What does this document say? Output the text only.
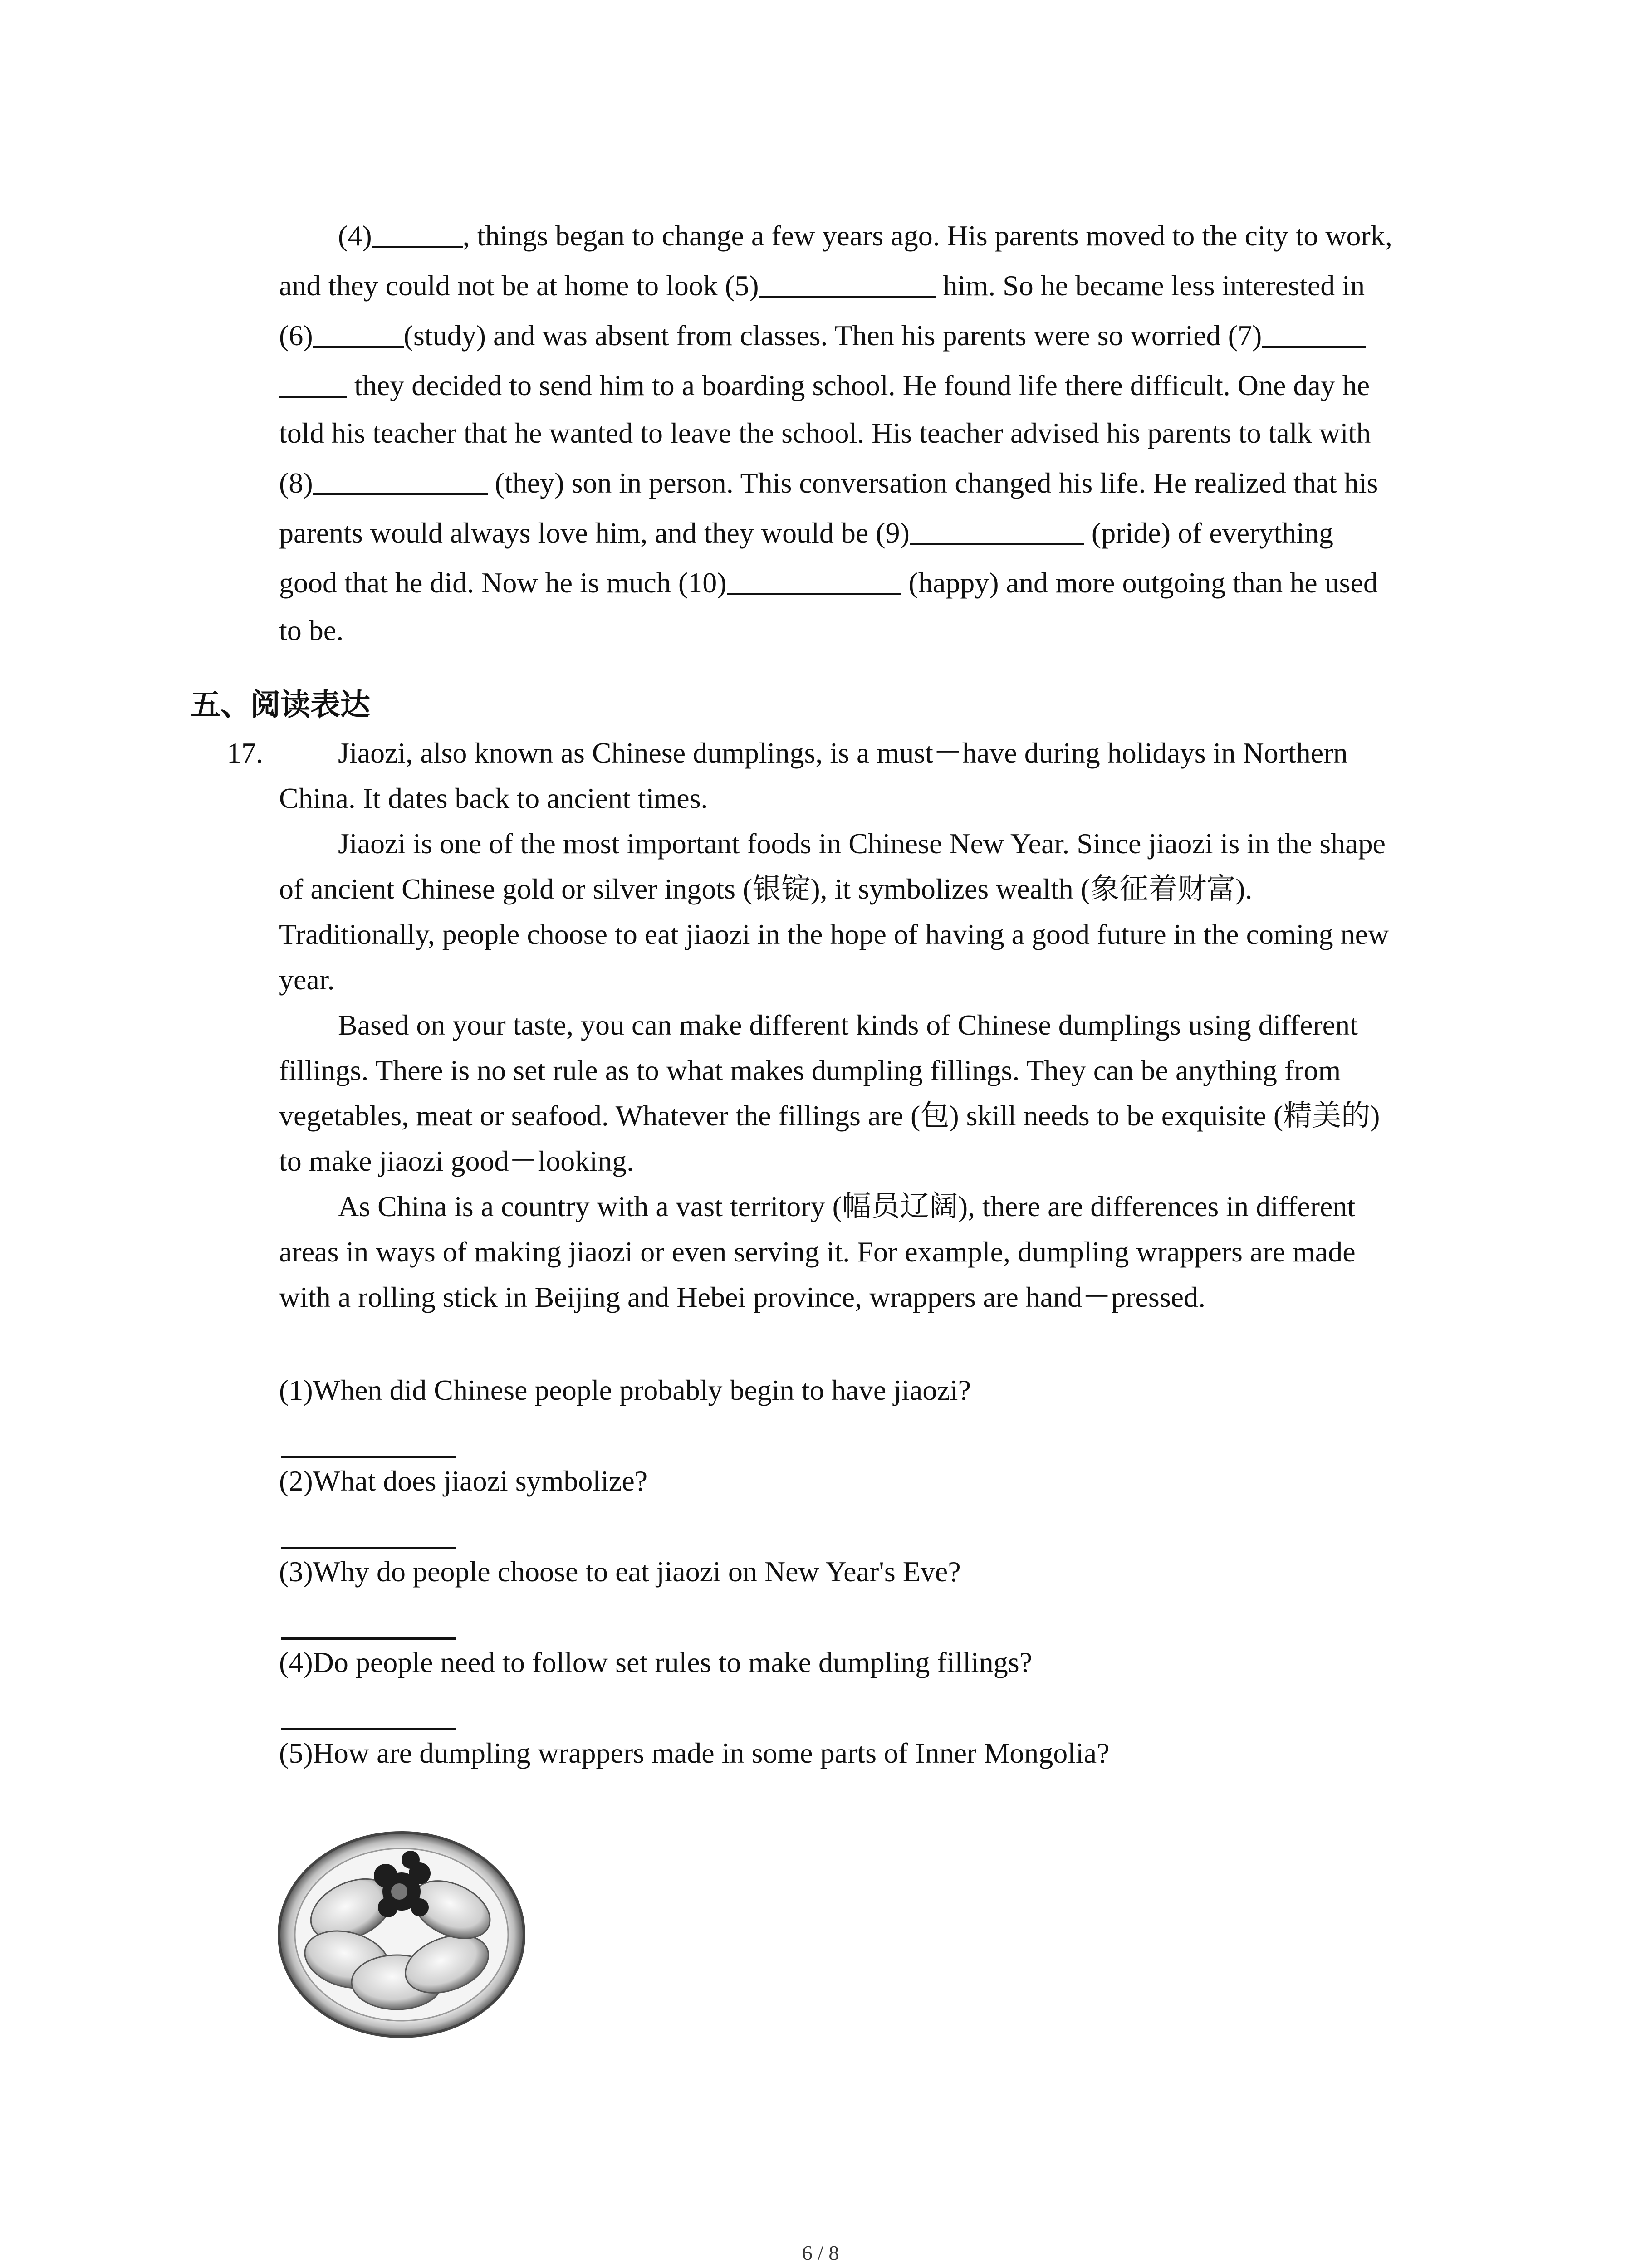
(4)	, things began to change a few years ago. His parents moved to the city to work,
and they could not be at home to look (5)	him. So he became less interested in
(6)	(study) and was absent from classes. Then his parents were so worried (7)
they decided to send him to a boarding school. He found life there difficult. One day he
told his teacher that he wanted to leave the school. His teacher advised his parents to talk with
(8)	(they) son in person. This conversation changed his life. He realized that his
parents would always love him, and they would be (9)	(pride) of everything
good that he did. Now he is much (10)	(happy) and more outgoing than he used
to be.
五、阅读表达
17.	Jiaozi, also known as Chinese dumplings, is a must－have during holidays in Northern
China. It dates back to ancient times.
Jiaozi is one of the most important foods in Chinese New Year. Since jiaozi is in the shape
of ancient Chinese gold or silver ingots (银锭), it symbolizes wealth (象征着财富).
Traditionally, people choose to eat jiaozi in the hope of having a good future in the coming new
year.
Based on your taste, you can make different kinds of Chinese dumplings using different
fillings. There is no set rule as to what makes dumpling fillings. They can be anything from
vegetables, meat or seafood. Whatever the fillings are (包) skill needs to be exquisite (精美的)
to make jiaozi good－looking.
As China is a country with a vast territory (幅员辽阔), there are differences in different
areas in ways of making jiaozi or even serving it. For example, dumpling wrappers are made
with a rolling stick in Beijing and Hebei province, wrappers are hand－pressed.
(1)When did Chinese people probably begin to have jiaozi?
(2)What does jiaozi symbolize?
(3)Why do people choose to eat jiaozi on New Year's Eve?
(4)Do people need to follow set rules to make dumpling fillings?
(5)How are dumpling wrappers made in some parts of Inner Mongolia?
6 / 8
